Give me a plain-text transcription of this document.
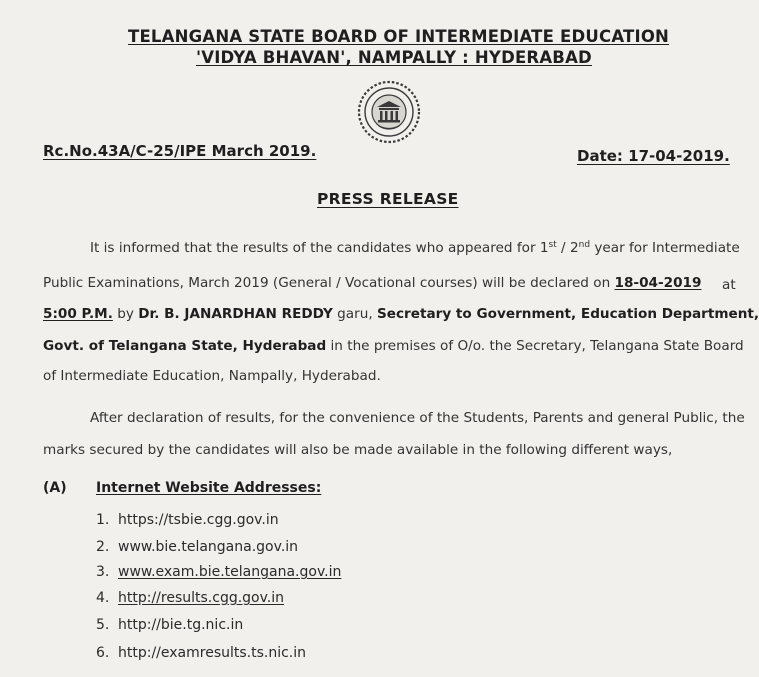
TELANGANA STATE BOARD OF INTERMEDIATE EDUCATION
'VIDYA BHAVAN', NAMPALLY : HYDERABAD
Rc.No.43A/C-25/IPE March 2019.	Date: 17-04-2019.
PRESS RELEASE
It is informed that the results of the candidates who appeared for 1st / 2nd year for Intermediate
Public Examinations, March 2019 (General / Vocational courses) will be declared on 18-04-2019 at
5:00 P.M. by Dr. B. JANARDHAN REDDY garu, Secretary to Government, Education Department,
Govt. of Telangana State, Hyderabad in the premises of O/o. the Secretary, Telangana State Board
of Intermediate Education, Nampally, Hyderabad.
After declaration of results, for the convenience of the Students, Parents and general Public, the
marks secured by the candidates will also be made available in the following different ways,
(A) Internet Website Addresses:
1. https://tsbie.cgg.gov.in
2. www.bie.telangana.gov.in
3. www.exam.bie.telangana.gov.in
4. http://results.cgg.gov.in
5. http://bie.tg.nic.in
6. http://examresults.ts.nic.in
